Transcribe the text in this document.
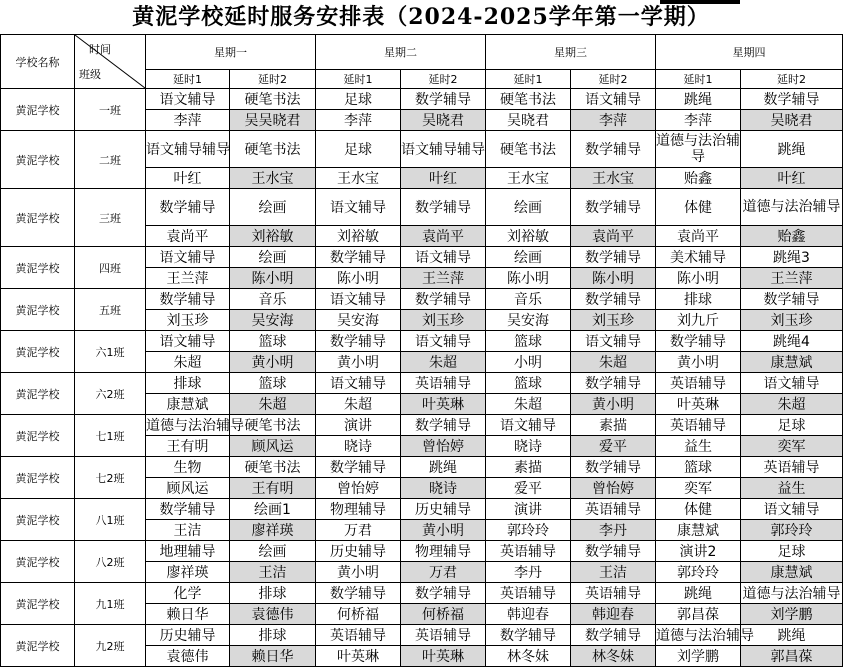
黄泥学校延时服务安排表（2024-2025学年第一学期）
学校名称	时间
班级	星期一		星期二		星期三		星期四	
		延时1	延时2	延时1	延时2	延时1	延时2	延时1	延时2
黄泥学校	一班	语文辅导	硬笔书法	足球	数学辅导	硬笔书法	语文辅导	跳绳	数学辅导
		李萍	吴吴晓君	李萍	吴晓君	吴晓君	李萍	李萍	吴晓君
黄泥学校	二班	语文辅导辅导	硬笔书法	足球	语文辅导辅导	硬笔书法	数学辅导	道德与法治辅导	跳绳
		叶红	王水宝	王水宝	叶红	王水宝	王水宝	贻鑫	叶红
黄泥学校	三班	数学辅导	绘画	语文辅导	数学辅导	绘画	数学辅导	体健	道德与法治辅导
		袁尚平	刘裕敏	刘裕敏	袁尚平	刘裕敏	袁尚平	袁尚平	贻鑫
黄泥学校	四班	语文辅导	绘画	数学辅导	语文辅导	绘画	数学辅导	美术辅导	跳绳3
		王兰萍	陈小明	陈小明	王兰萍	陈小明	陈小明	陈小明	王兰萍
黄泥学校	五班	数学辅导	音乐	语文辅导	数学辅导	音乐	数学辅导	排球	数学辅导
		刘玉珍	吴安海	吴安海	刘玉珍	吴安海	刘玉珍	刘九斤	刘玉珍
黄泥学校	六1班	语文辅导	篮球	数学辅导	语文辅导	篮球	语文辅导	数学辅导	跳绳4
		朱超	黄小明	黄小明	朱超	小明	朱超	黄小明	康慧斌
黄泥学校	六2班	排球	篮球	语文辅导	英语辅导	篮球	数学辅导	英语辅导	语文辅导
		康慧斌	朱超	朱超	叶英琳	朱超	黄小明	叶英琳	朱超
黄泥学校	七1班	道德与法治辅导	硬笔书法	演讲	数学辅导	语文辅导	素描	英语辅导	足球
		王有明	顾风运	晓诗	曾怡婷	晓诗	爱平	益生	奕军
黄泥学校	七2班	生物	硬笔书法	数学辅导	跳绳	素描	数学辅导	篮球	英语辅导
		顾风运	王有明	曾怡婷	晓诗	爱平	曾怡婷	奕军	益生
黄泥学校	八1班	数学辅导	绘画1	物理辅导	历史辅导	演讲	英语辅导	体健	语文辅导
		王洁	廖祥瑛	万君	黄小明	郭玲玲	李丹	康慧斌	郭玲玲
黄泥学校	八2班	地理辅导	绘画	历史辅导	物理辅导	英语辅导	数学辅导	演讲2	足球
		廖祥瑛	王洁	黄小明	万君	李丹	王洁	郭玲玲	康慧斌
黄泥学校	九1班	化学	排球	数学辅导	数学辅导	英语辅导	英语辅导	跳绳	道德与法治辅导
		赖日华	袁德伟	何桥福	何桥福	韩迎春	韩迎春	郭昌葆	刘学鹏
黄泥学校	九2班	历史辅导	排球	英语辅导	英语辅导	数学辅导	数学辅导	道德与法治辅导	跳绳
		袁德伟	赖日华	叶英琳	叶英琳	林冬妹	林冬妹	刘学鹏	郭昌葆
